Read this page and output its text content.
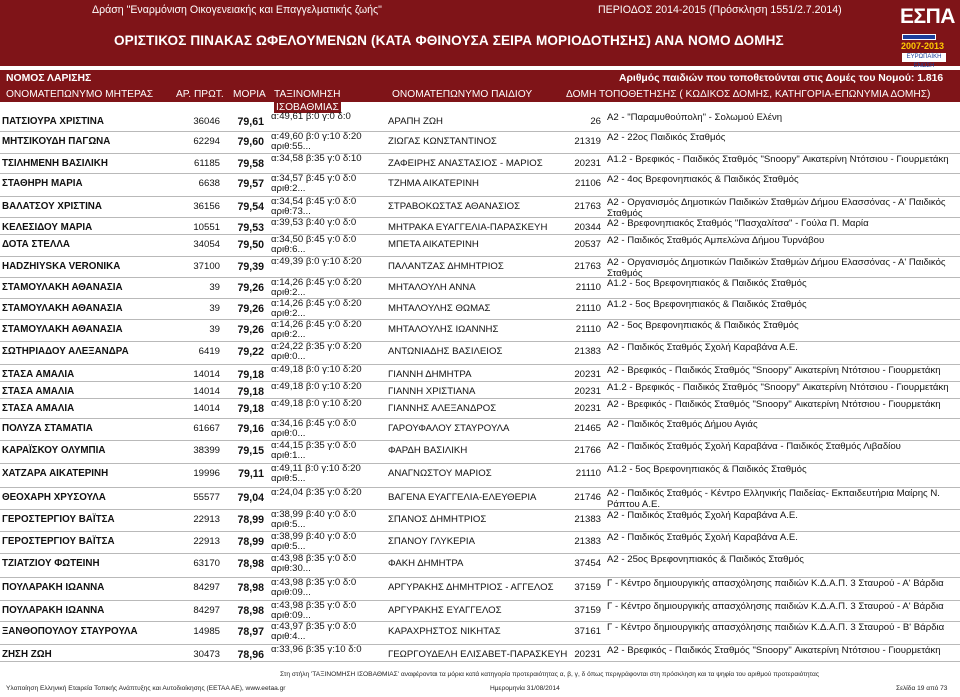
Δράση "Εναρμόνιση Οικογενειακής και Επαγγελματικής ζωής"	ΠΕΡΙΟΔΟΣ 2014-2015 (Πρόσκληση 1551/2.7.2014)
ΟΡΙΣΤΙΚΟΣ ΠΙΝΑΚΑΣ ΩΦΕΛΟΥΜΕΝΩΝ (ΚΑΤΑ ΦΘΙΝΟΥΣΑ ΣΕΙΡΑ ΜΟΡΙΟΔΟΤΗΣΗΣ) ΑΝΑ ΝΟΜΟ ΔΟΜΗΣ
ΕΣΠΑ
2007-2013
ΕΥΡΩΠΑΪΚΗ ΕΝΩΣΗ
ΝΟΜΟΣ ΛΑΡΙΣΗΣ	Αριθμός παιδιών που τοποθετούνται στις Δομές του Νομού: 1.816
ΟΝΟΜΑΤΕΠΩΝΥΜΟ ΜΗΤΕΡΑΣ ΑΡ. ΠΡΩΤ. ΜΟΡΙΑ ΤΑΞΙΝΟΜΗΣΗ	ΟΝΟΜΑΤΕΠΩΝΥΜΟ ΠΑΙΔΙΟΥ	ΔΟΜΗ ΤΟΠΟΘΕΤΗΣΗΣ ( ΚΩΔΙΚΟΣ ΔΟΜΗΣ, ΚΑΤΗΓΟΡΙΑ-ΕΠΩΝΥΜΙΑ ΔΟΜΗΣ)
ΙΣΟΒΑΘΜΙΑΣ
ΠΑΤΣΙΟΥΡΑ ΧΡΙΣΤΙΝΑ	36046	79,61 α:49,61 β:0 γ:0 δ:0	ΑΡΑΠΗ ΖΩΗ	26 Α2 - "Παραμυθούπολη" - Σολωμού Ελένη
ΜΗΤΣΙΚΟΥΔΗ ΠΑΓΩΝΑ	62294	79,60 α:49,60 β:0 γ:10 δ:20 αριθ:55...	ΖΙΩΓΑΣ ΚΩΝΣΤΑΝΤΙΝΟΣ	21319 Α2 - 22ος Παιδικός Σταθμός
ΤΣΙΛΗΜΕΝΗ ΒΑΣΙΛΙΚΗ	61185	79,58 α:34,58 β:35 γ:0 δ:10	ΖΑΦΕΙΡΗΣ ΑΝΑΣΤΑΣΙΟΣ - ΜΑΡΙΟΣ	20231 Α1.2 - Βρεφικός - Παιδικός Σταθμός "Snoopy" Αικατερίνη Ντότσιου - Γιουρμετάκη
ΣΤΑΘΗΡΗ ΜΑΡΙΑ	6638	79,57 α:34,57 β:45 γ:0 δ:0 αριθ:2...	ΤΖΗΜΑ ΑΙΚΑΤΕΡΙΝΗ	21106 Α2 - 4ος Βρεφονηπιακός & Παιδικός Σταθμός
ΒΑΛΑΤΣΟΥ ΧΡΙΣΤΙΝΑ	36156	79,54 α:34,54 β:45 γ:0 δ:0 αριθ:73...	ΣΤΡΑΒΟΚΩΣΤΑΣ ΑΘΑΝΑΣΙΟΣ	21763 Α2 - Οργανισμός Δημοτικών Παιδικών Σταθμών Δήμου Ελασσόνας - Α' Παιδικός Σταθμός
ΚΕΛΕΣΙΔΟΥ ΜΑΡΙΑ	10551	79,53 α:39,53 β:40 γ:0 δ:0	ΜΗΤΡΑΚΑ ΕΥΑΓΓΕΛΙΑ-ΠΑΡΑΣΚΕΥΗ	20344 Α2 - Βρεφονηπιακός Σταθμός "Πασχαλίτσα" - Γούλα Π. Μαρία
ΔΟΤΑ ΣΤΕΛΛΑ	34054	79,50 α:34,50 β:45 γ:0 δ:0 αριθ:6...	ΜΠΕΤΑ ΑΙΚΑΤΕΡΙΝΗ	20537 Α2 - Παιδικός Σταθμός Αμπελώνα Δήμου Τυρνάβου
HADZHIYSKA VERONIKA	37100	79,39 α:49,39 β:0 γ:10 δ:20	ΠΑΛΑΝΤΖΑΣ ΔΗΜΗΤΡΙΟΣ	21763 Α2 - Οργανισμός Δημοτικών Παιδικών Σταθμών Δήμου Ελασσόνας - Α' Παιδικός Σταθμός
ΣΤΑΜΟΥΛΑΚΗ ΑΘΑΝΑΣΙΑ	39	79,26 α:14,26 β:45 γ:0 δ:20 αριθ:2...	ΜΗΤΑΛΟΥΛΗ ΑΝΝΑ	21110 Α1.2 - 5ος Βρεφονηπιακός & Παιδικός Σταθμός
ΣΤΑΜΟΥΛΑΚΗ ΑΘΑΝΑΣΙΑ	39	79,26 α:14,26 β:45 γ:0 δ:20 αριθ:2...	ΜΗΤΑΛΟΥΛΗΣ ΘΩΜΑΣ	21110 Α1.2 - 5ος Βρεφονηπιακός & Παιδικός Σταθμός
ΣΤΑΜΟΥΛΑΚΗ ΑΘΑΝΑΣΙΑ	39	79,26 α:14,26 β:45 γ:0 δ:20 αριθ:2...	ΜΗΤΑΛΟΥΛΗΣ ΙΩΑΝΝΗΣ	21110 Α2 - 5ος Βρεφονηπιακός & Παιδικός Σταθμός
ΣΩΤΗΡΙΑΔΟΥ ΑΛΕΞΑΝΔΡΑ	6419	79,22 α:24,22 β:35 γ:0 δ:20 αριθ:0...	ΑΝΤΩΝΙΑΔΗΣ ΒΑΣΙΛΕΙΟΣ	21383 Α2 - Παιδικός Σταθμός Σχολή Καραβάνα Α.Ε.
ΣΤΑΣΑ ΑΜΑΛΙΑ	14014	79,18 α:49,18 β:0 γ:10 δ:20	ΓΙΑΝΝΗ ΔΗΜΗΤΡΑ	20231 Α2 - Βρεφικός - Παιδικός Σταθμός "Snoopy" Αικατερίνη Ντότσιου - Γιουρμετάκη
ΣΤΑΣΑ ΑΜΑΛΙΑ	14014	79,18 α:49,18 β:0 γ:10 δ:20	ΓΙΑΝΝΗ ΧΡΙΣΤΙΑΝΑ	20231 Α1.2 - Βρεφικός - Παιδικός Σταθμός "Snoopy" Αικατερίνη Ντότσιου - Γιουρμετάκη
ΣΤΑΣΑ ΑΜΑΛΙΑ	14014	79,18 α:49,18 β:0 γ:10 δ:20	ΓΙΑΝΝΗΣ ΑΛΕΞΑΝΔΡΟΣ	20231 Α2 - Βρεφικός - Παιδικός Σταθμός "Snoopy" Αικατερίνη Ντότσιου - Γιουρμετάκη
ΠΟΛΥΖΑ ΣΤΑΜΑΤΙΑ	61667	79,16 α:34,16 β:45 γ:0 δ:0 αριθ:0...	ΓΑΡΟΥΦΑΛΟΥ ΣΤΑΥΡΟΥΛΑ	21465 Α2 - Παιδικός Σταθμός Δήμου Αγιάς
ΚΑΡΑΪΣΚΟΥ ΟΛΥΜΠΙΑ	38399	79,15 α:44,15 β:35 γ:0 δ:0 αριθ:1...	ΦΑΡΔΗ ΒΑΣΙΛΙΚΗ	21766 Α2 - Παιδικός Σταθμός Σχολή Καραβάνα - Παιδικός Σταθμός Λιβαδίου
ΧΑΤΖΑΡΑ ΑΙΚΑΤΕΡΙΝΗ	19996	79,11 α:49,11 β:0 γ:10 δ:20 αριθ:5...	ΑΝΑΓΝΩΣΤΟΥ ΜΑΡΙΟΣ	21110 Α1.2 - 5ος Βρεφονηπιακός & Παιδικός Σταθμός
ΘΕΟΧΑΡΗ ΧΡΥΣΟΥΛΑ	55577	79,04 α:24,04 β:35 γ:0 δ:20	ΒΑΓΕΝΑ ΕΥΑΓΓΕΛΙΑ-ΕΛΕΥΘΕΡΙΑ	21746 Α2 - Παιδικός Σταθμός - Κέντρο Ελληνικής Παιδείας- Εκπαιδευτήρια Μαίρης Ν. Ράπτου Α.Ε.
ΓΕΡΟΣΤΕΡΓΙΟΥ ΒΑΪΤΣΑ	22913	78,99 α:38,99 β:40 γ:0 δ:0 αριθ:5...	ΣΠΑΝΟΣ ΔΗΜΗΤΡΙΟΣ	21383 Α2 - Παιδικός Σταθμός Σχολή Καραβάνα Α.Ε.
ΓΕΡΟΣΤΕΡΓΙΟΥ ΒΑΪΤΣΑ	22913	78,99 α:38,99 β:40 γ:0 δ:0 αριθ:5...	ΣΠΑΝΟΥ ΓΛΥΚΕΡΙΑ	21383 Α2 - Παιδικός Σταθμός Σχολή Καραβάνα Α.Ε.
ΤΖΙΑΤΖΙΟΥ ΦΩΤΕΙΝΗ	63170	78,98 α:43,98 β:35 γ:0 δ:0 αριθ:30...	ΦΑΚΗ ΔΗΜΗΤΡΑ	37454 Α2 - 25ος Βρεφονηπιακός & Παιδικός Σταθμός
ΠΟΥΛΑΡΑΚΗ ΙΩΑΝΝΑ	84297	78,98 α:43,98 β:35 γ:0 δ:0 αριθ:09...	ΑΡΓΥΡΑΚΗΣ ΔΗΜΗΤΡΙΟΣ - ΑΓΓΕΛΟΣ	37159 Γ - Κέντρο δημιουργικής απασχόλησης παιδιών Κ.Δ.Α.Π. 3 Σταυρού - Α' Βάρδια
ΠΟΥΛΑΡΑΚΗ ΙΩΑΝΝΑ	84297	78,98 α:43,98 β:35 γ:0 δ:0 αριθ:09...	ΑΡΓΥΡΑΚΗΣ ΕΥΑΓΓΕΛΟΣ	37159 Γ - Κέντρο δημιουργικής απασχόλησης παιδιών Κ.Δ.Α.Π. 3 Σταυρού - Α' Βάρδια
ΞΑΝΘΟΠΟΥΛΟΥ ΣΤΑΥΡΟΥΛΑ	14985	78,97 α:43,97 β:35 γ:0 δ:0 αριθ:4...	ΚΑΡΑΧΡΗΣΤΟΣ ΝΙΚΗΤΑΣ	37161 Γ - Κέντρο δημιουργικής απασχόλησης παιδιών Κ.Δ.Α.Π. 3 Σταυρού - Β' Βάρδια
ΖΗΣΗ ΖΩΗ	30473	78,96 α:33,96 β:35 γ:10 δ:0	ΓΕΩΡΓΟΥΔΕΛΗ ΕΛΙΣΑΒΕΤ-ΠΑΡΑΣΚΕΥΗ 20231 Α2 - Βρεφικός - Παιδικός Σταθμός "Snoopy" Αικατερίνη Ντότσιου - Γιουρμετάκη
Στη στήλη 'ΤΑΞΙΝΟΜΗΣΗ ΙΣΟΒΑΘΜΙΑΣ' αναφέρονται τα μόρια κατά κατηγορία προτεραιότητας α, β, γ, δ όπως περιγράφονται στη πρόσκληση και τα ψηφία του αριθμού προτεραιότητας
Υλοποίηση Ελληνική Εταιρεία Τοπικής Ανάπτυξης και Αυτοδιοίκησης (ΕΕΤΑΑ ΑΕ), www.eetaa.gr	Ημερομηνία 31/08/2014	Σελίδα 19 από 73
